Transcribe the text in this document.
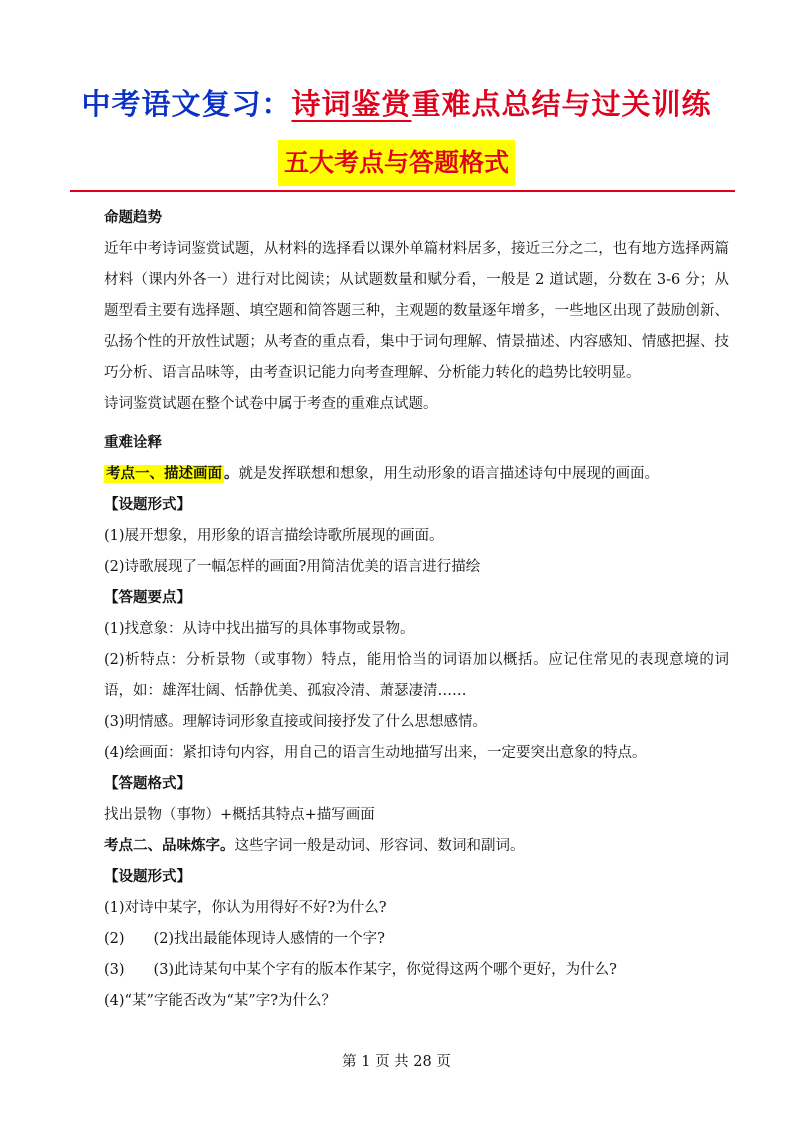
中考语文复习：诗词鉴赏重难点总结与过关训练
五大考点与答题格式

命题趋势

近年中考诗词鉴赏试题，从材料的选择看以课外单篇材料居多，接近三分之二，也有地方选择两篇材料（课内外各一）进行对比阅读；从试题数量和赋分看，一般是 2 道试题，分数在 3-6 分；从题型看主要有选择题、填空题和简答题三种，主观题的数量逐年增多，一些地区出现了鼓励创新、弘扬个性的开放性试题；从考查的重点看，集中于词句理解、情景描述、内容感知、情感把握、技巧分析、语言品味等，由考查识记能力向考查理解、分析能力转化的趋势比较明显。

诗词鉴赏试题在整个试卷中属于考查的重难点试题。

重难诠释

考点一、描述画面 。就是发挥联想和想象，用生动形象的语言描述诗句中展现的画面。

【设题形式】

(1)展开想象，用形象的语言描绘诗歌所展现的画面。

(2)诗歌展现了一幅怎样的画面?用简洁优美的语言进行描绘

【答题要点】

(1)找意象：从诗中找出描写的具体事物或景物。

(2)析特点：分析景物（或事物）特点，能用恰当的词语加以概括。应记住常见的表现意境的词语，如：雄浑壮阔、恬静优美、孤寂冷清、萧瑟凄清……

(3)明情感。理解诗词形象直接或间接抒发了什么思想感情。

(4)绘画面：紧扣诗句内容，用自己的语言生动地描写出来，一定要突出意象的特点。

【答题格式】

找出景物（事物）+概括其特点+描写画面

考点二、品味炼字。这些字词一般是动词、形容词、数词和副词。

【设题形式】

(1)对诗中某字，你认为用得好不好?为什么?

(2)　　(2)找出最能体现诗人感情的一个字?

(3)　　(3)此诗某句中某个字有的版本作某字，你觉得这两个哪个更好，为什么?

(4)“某”字能否改为“某”字?为什么？

第 1 页 共 28 页
